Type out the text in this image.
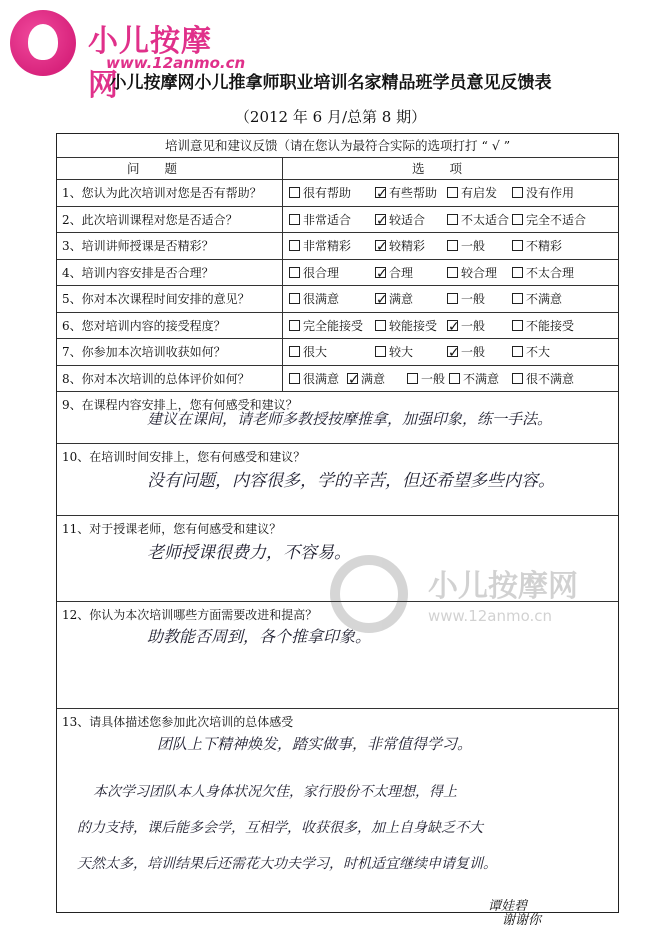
小儿按摩网
www.12anmo.cn
小儿按摩网小儿推拿师职业培训名家精品班学员意见反馈表
（2012 年 6 月/总第 8 期）
培训意见和建议反馈（请在您认为最符合实际的选项打打 “ √ ”
问　　题	选　　项
1、您认为此次培训对您是否有帮助？	很有帮助 ✓	有些帮助	有启发	没有作用
2、此次培训课程对您是否适合？	非常适合 ✓	较适合	不太适合	完全不适合
3、培训讲师授课是否精彩？	非常精彩 ✓	较精彩	一般	不精彩
4、培训内容安排是否合理？	很合理 ✓	合理	较合理	不太合理
5、你对本次课程时间安排的意见？	很满意 ✓	满意	一般	不满意
6、您对培训内容的接受程度？	完全能接受	较能接受 ✓	一般	不能接受
7、你参加本次培训收获如何？	很大	较大 ✓	一般	不大
8、你对本次培训的总体评价如何？	很满意 ✓	满意	一般	不满意	很不满意
9、在课程内容安排上，您有何感受和建议？
建议在课间，请老师多教授按摩推拿，加强印象，练一手法。
10、在培训时间安排上，您有何感受和建议？
没有问题，内容很多，学的辛苦，但还希望多些内容。
11、对于授课老师，您有何感受和建议？
老师授课很费力，不容易。
12、你认为本次培训哪些方面需要改进和提高？
助教能否周到，各个推拿印象。
13、请具体描述您参加此次培训的总体感受
团队上下精神焕发，踏实做事，非常值得学习。
本次学习团队本人身体状况欠佳，家行股份不太理想，得上
的力支持，课后能多会学，互相学，收获很多，加上自身缺乏不大
天然太多，培训结果后还需花大功夫学习，时机适宜继续申请复训。
小儿按摩网
www.12anmo.cn
谭娃碧
谢谢你
